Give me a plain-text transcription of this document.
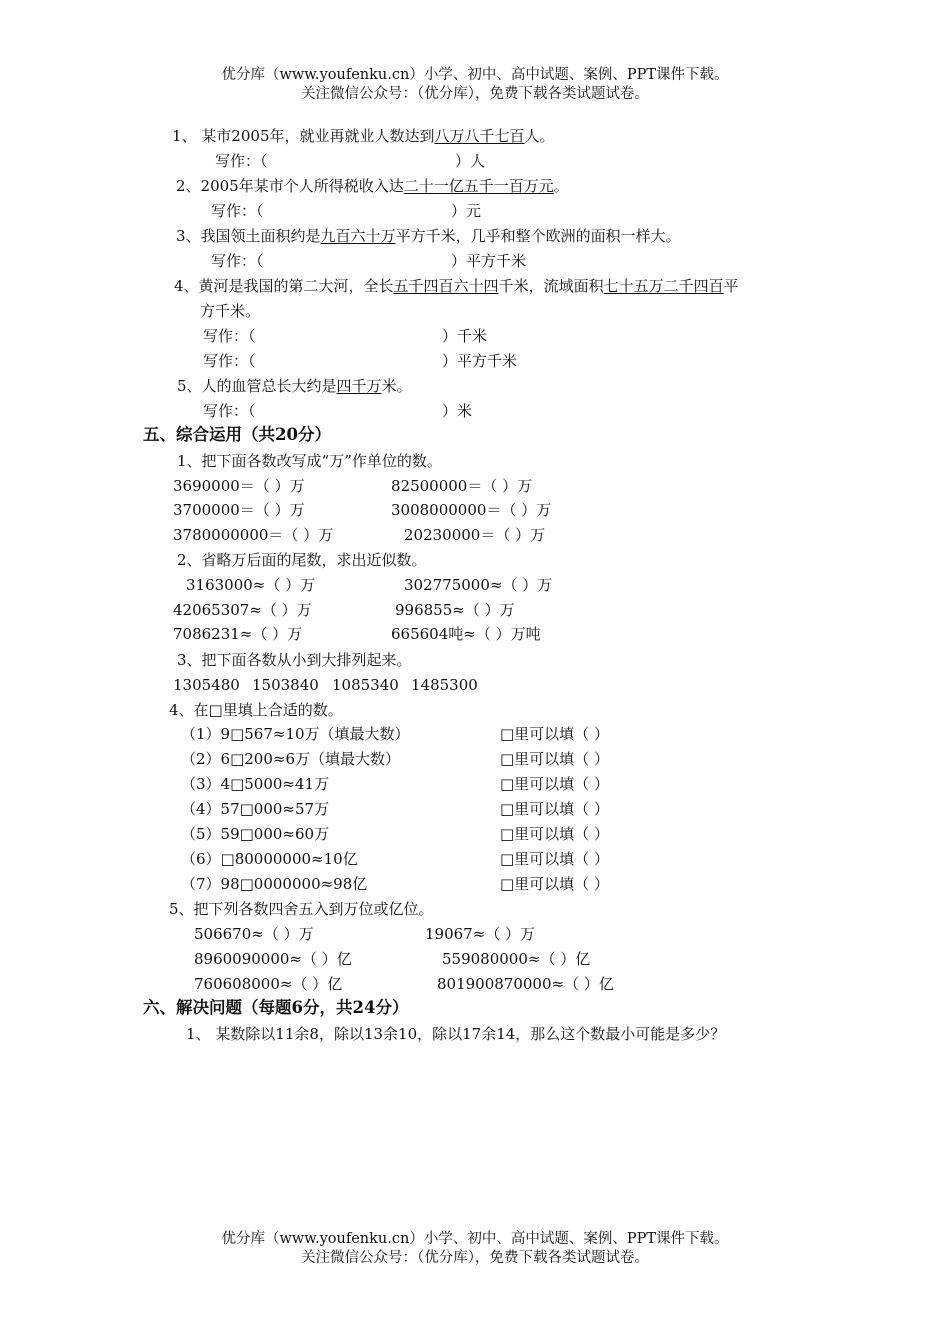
优分库（www.youfenku.cn）小学、初中、高中试题、案例、PPT课件下载。
关注微信公众号：（优分库），免费下载各类试题试卷。
1、 某市2005年，就业再就业人数达到八万八千七百人。
写作：（	）人
2、2005年某市个人所得税收入达二十一亿五千一百万元。
写作：（	）元
3、我国领土面积约是九百六十万平方千米，几乎和整个欧洲的面积一样大。
写作：（	）平方千米
4、黄河是我国的第二大河，全长五千四百六十四千米，流域面积七十五万二千四百平
方千米。
写作：（	）千米
写作：（	）平方千米
5、人的血管总长大约是四千万米。
写作：（	）米
五、综合运用（共20分）
1、把下面各数改写成“万”作单位的数。
3690000＝（ ）万	82500000＝（ ）万
3700000＝（ ）万	3008000000＝（ ）万
3780000000＝（ ）万	20230000＝（ ）万
2、省略万后面的尾数，求出近似数。
3163000≈（ ）万	302775000≈（ ）万
42065307≈（ ）万	996855≈（ ）万
7086231≈（ ）万	665604吨≈（ ）万吨
3、把下面各数从小到大排列起来。
1305480 1503840 1085340 1485300
4、在□里填上合适的数。
（1）9□567≈10万（填最大数）	□里可以填（ ）
（2）6□200≈6万（填最大数）	□里可以填（ ）
（3）4□5000≈41万	□里可以填（ ）
（4）57□000≈57万	□里可以填（ ）
（5）59□000≈60万	□里可以填（ ）
（6）□80000000≈10亿	□里可以填（ ）
（7）98□0000000≈98亿	□里可以填（ ）
5、把下列各数四舍五入到万位或亿位。
506670≈（ ）万	19067≈（ ）万
8960090000≈（ ）亿	559080000≈（ ）亿
760608000≈（ ）亿	801900870000≈（ ）亿
六、解决问题（每题6分，共24分）
1、 某数除以11余8，除以13余10，除以17余14，那么这个数最小可能是多少？
优分库（www.youfenku.cn）小学、初中、高中试题、案例、PPT课件下载。
关注微信公众号：（优分库），免费下载各类试题试卷。
